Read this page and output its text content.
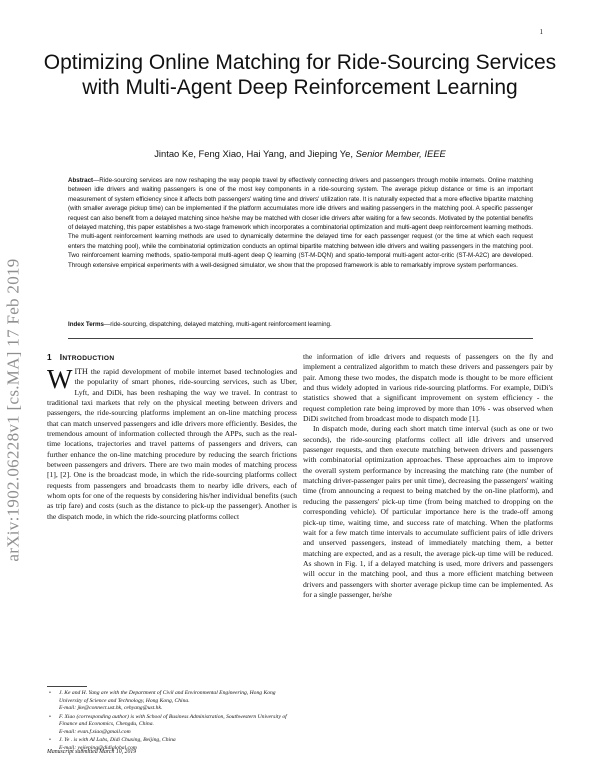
1
arXiv:1902.06228v1 [cs.MA] 17 Feb 2019
Optimizing Online Matching for Ride-Sourcing Services with Multi-Agent Deep Reinforcement Learning
Jintao Ke, Feng Xiao, Hai Yang, and Jieping Ye, Senior Member, IEEE

Abstract—Ride-sourcing services are now reshaping the way people travel by effectively connecting drivers and passengers through mobile internets. Online matching between idle drivers and waiting passengers is one of the most key components in a ride-sourcing system. The average pickup distance or time is an important measurement of system efficiency since it affects both passengers' waiting time and drivers' utilization rate. It is naturally expected that a more effective bipartite matching (with smaller average pickup time) can be implemented if the platform accumulates more idle drivers and waiting passengers in the matching pool. A specific passenger request can also benefit from a delayed matching since he/she may be matched with closer idle drivers after waiting for a few seconds. Motivated by the potential benefits of delayed matching, this paper establishes a two-stage framework which incorporates a combinatorial optimization and multi-agent deep reinforcement learning methods. The multi-agent reinforcement learning methods are used to dynamically determine the delayed time for each passenger request (or the time at which each request enters the matching pool), while the combinatorial optimization conducts an optimal bipartite matching between idle drivers and waiting passengers in the matching pool. Two reinforcement learning methods, spatio-temporal multi-agent deep Q learning (ST-M-DQN) and spatio-temporal multi-agent actor-critic (ST-M-A2C) are developed. Through extensive empirical experiments with a well-designed simulator, we show that the proposed framework is able to remarkably improve system performances.

Index Terms—ride-sourcing, dispatching, delayed matching, multi-agent reinforcement learning.

1 INTRODUCTION

WITH the rapid development of mobile internet based technologies and the popularity of smart phones, ride-sourcing services, such as Uber, Lyft, and DiDi, has been reshaping the way we travel. In contrast to traditional taxi markets that rely on the physical meeting between drivers and passengers, the ride-sourcing platforms implement an on-line matching process that can match unserved passengers and idle drivers more efficiently. Besides, the tremendous amount of information collected through the APPs, such as the real-time locations, trajectories and travel patterns of passengers and drivers, can further enhance the on-line matching procedure by reducing the search frictions between passengers and drivers. There are two main modes of matching process [1], [2]. One is the broadcast mode, in which the ride-sourcing platforms collect requests from passengers and broadcasts them to nearby idle drivers, each of whom opts for one of the requests by considering his/her individual benefits (such as trip fare) and costs (such as the distance to pick-up the passenger). Another is the dispatch mode, in which the ride-sourcing platforms collect

the information of idle drivers and requests of passengers on the fly and implement a centralized algorithm to match these drivers and passengers pair by pair. Among these two modes, the dispatch mode is thought to be more efficient and thus widely adopted in various ride-sourcing platforms. For example, DiDi's statistics showed that a significant improvement on system efficiency - the request completion rate being improved by more than 10% - was observed when DiDi switched from broadcast mode to dispatch mode [1].

In dispatch mode, during each short match time interval (such as one or two seconds), the ride-sourcing platforms collect all idle drivers and unserved passenger requests, and then execute matching between drivers and passengers with combinatorial optimization approaches. These approaches aim to improve the overall system performance by increasing the matching rate (the number of matching driver-passenger pairs per unit time), decreasing the passengers' waiting time (from announcing a request to being matched by the on-line platform), and reducing the passengers' pick-up time (from being matched to dropping on the corresponding vehicle). Of particular importance here is the trade-off among pick-up time, waiting time, and success rate of matching. When the platforms wait for a few match time intervals to accumulate sufficient pairs of idle drivers and unserved passengers, instead of immediately matching them, a better matching are expected, and as a result, the average pick-up time will be reduced. As shown in Fig. 1, if a delayed matching is used, more drivers and passengers will occur in the matching pool, and thus a more efficient matching between drivers and passengers with shorter average pickup time can be implemented. As for a single passenger, he/she

• J. Ke and H. Yang are with the Department of Civil and Environmental Engineering, Hong Kong University of Science and Technology, Hong Kong, China.
E-mail: jke@connect.ust.hk, cehyang@ust.hk.
• F. Xiao (corresponding author) is with School of Business Administration, Southwestern University of Finance and Economics, Chengdu, China.
E-mail: evan.f.xiao@gmail.com
• J. Ye . is with AI Labs, Didi Chuxing, Beijing, China
E-mail: yejieping@didiglobal.com
Manuscript submitted March 10, 2019
